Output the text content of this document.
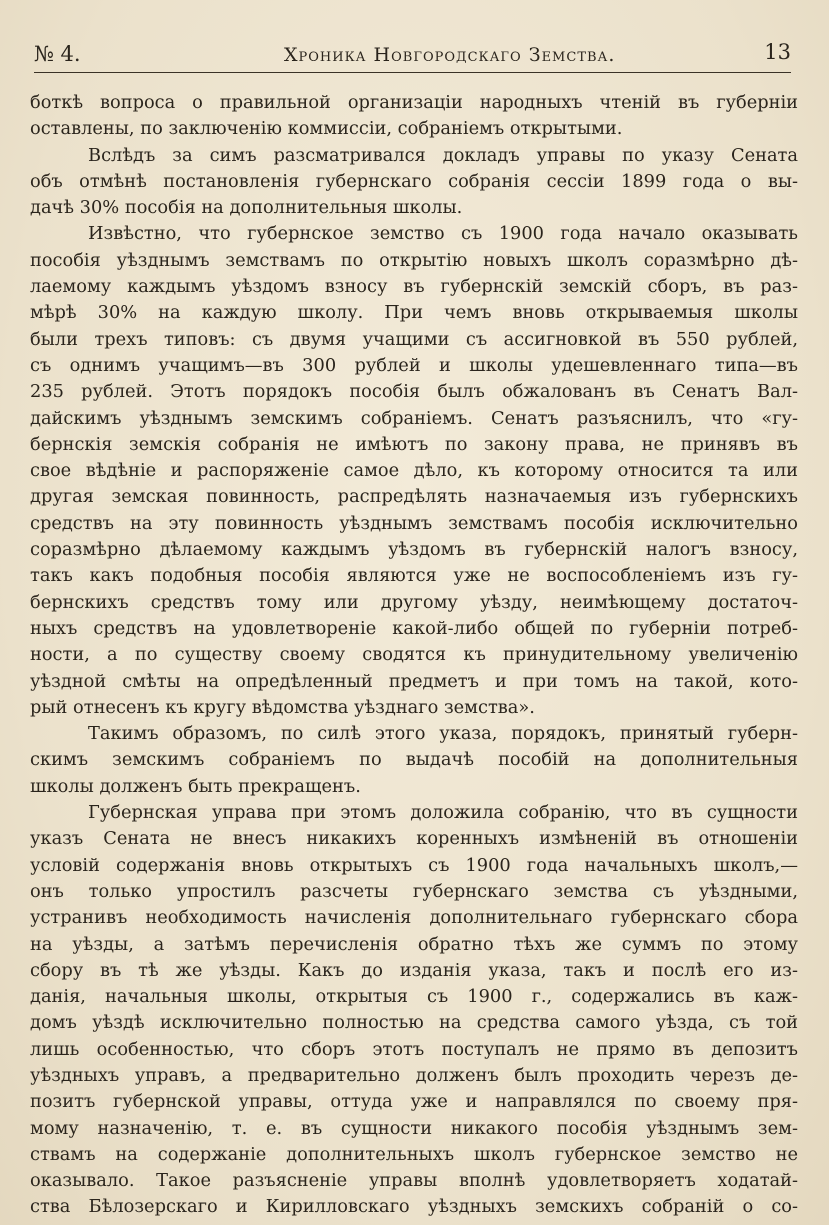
№ 4.	Хроника Новгородскаго Земства.	13
боткѣ вопроса о правильной организаціи народныхъ чтеній въ губерніи
оставлены, по заключенію коммиссіи, собраніемъ открытыми.
Вслѣдъ за симъ разсматривался докладъ управы по указу Сената
объ отмѣнѣ постановленія губернскаго собранія сессіи 1899 года о вы-
дачѣ 30% пособія на дополнительныя школы.
Извѣстно, что губернское земство съ 1900 года начало оказывать
пособія уѣзднымъ земствамъ по открытію новыхъ школъ соразмѣрно дѣ-
лаемому каждымъ уѣздомъ взносу въ губернскій земскій сборъ, въ раз-
мѣрѣ 30% на каждую школу. При чемъ вновь открываемыя школы
были трехъ типовъ: съ двумя учащими съ ассигновкой въ 550 рублей,
съ однимъ учащимъ—въ 300 рублей и школы удешевленнаго типа—въ
235 рублей. Этотъ порядокъ пособія былъ обжалованъ въ Сенатъ Вал-
дайскимъ уѣзднымъ земскимъ собраніемъ. Сенатъ разъяснилъ, что «гу-
бернскія земскія собранія не имѣютъ по закону права, не принявъ въ
свое вѣдѣніе и распоряженіе самое дѣло, къ которому относится та или
другая земская повинность, распредѣлять назначаемыя изъ губернскихъ
средствъ на эту повинность уѣзднымъ земствамъ пособія исключительно
соразмѣрно дѣлаемому каждымъ уѣздомъ въ губернскій налогъ взносу,
такъ какъ подобныя пособія являются уже не воспособленіемъ изъ гу-
бернскихъ средствъ тому или другому уѣзду, неимѣющему достаточ-
ныхъ средствъ на удовлетвореніе какой-либо общей по губерніи потреб-
ности, а по существу своему сводятся къ принудительному увеличенію
уѣздной смѣты на опредѣленный предметъ и при томъ на такой, кото-
рый отнесенъ къ кругу вѣдомства уѣзднаго земства».
Такимъ образомъ, по силѣ этого указа, порядокъ, принятый губерн-
скимъ земскимъ собраніемъ по выдачѣ пособій на дополнительныя
школы долженъ быть прекращенъ.
Губернская управа при этомъ доложила собранію, что въ сущности
указъ Сената не внесъ никакихъ коренныхъ измѣненій въ отношеніи
условій содержанія вновь открытыхъ съ 1900 года начальныхъ школъ,—
онъ только упростилъ разсчеты губернскаго земства съ уѣздными,
устранивъ необходимость начисленія дополнительнаго губернскаго сбора
на уѣзды, а затѣмъ перечисленія обратно тѣхъ же суммъ по этому
сбору въ тѣ же уѣзды. Какъ до изданія указа, такъ и послѣ его из-
данія, начальныя школы, открытыя съ 1900 г., содержались въ каж-
домъ уѣздѣ исключительно полностью на средства самого уѣзда, съ той
лишь особенностью, что сборъ этотъ поступалъ не прямо въ депозитъ
уѣздныхъ управъ, а предварительно долженъ былъ проходить черезъ де-
позитъ губернской управы, оттуда уже и направлялся по своему пря-
мому назначенію, т. е. въ сущности никакого пособія уѣзднымъ зем-
ствамъ на содержаніе дополнительныхъ школъ губернское земство не
оказывало. Такое разъясненіе управы вполнѣ удовлетворяетъ ходатай-
ства Бѣлозерскаго и Кирилловскаго уѣздныхъ земскихъ собраній о со-
